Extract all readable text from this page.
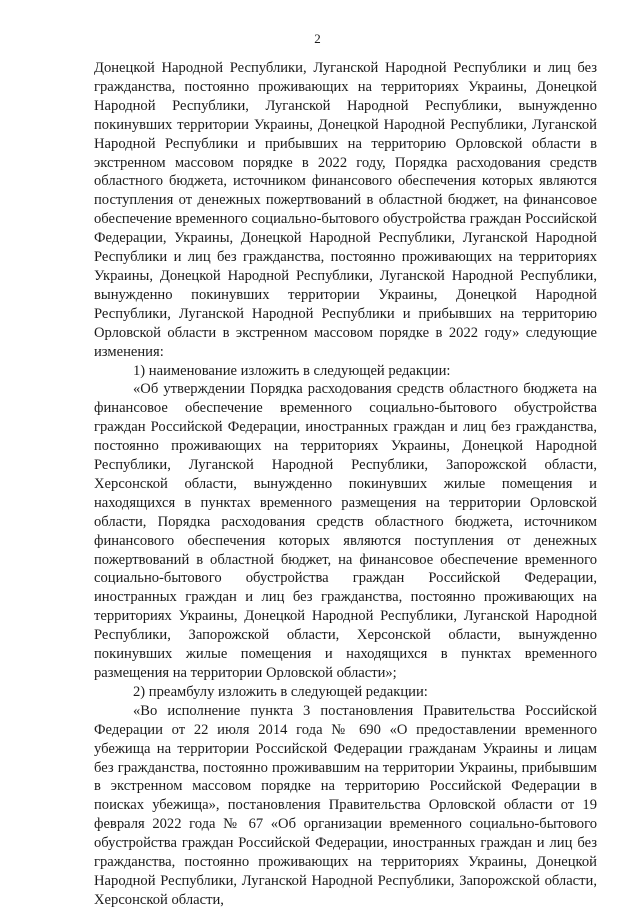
2

Донецкой Народной Республики, Луганской Народной Республики и лиц без гражданства, постоянно проживающих на территориях Украины, Донецкой Народной Республики, Луганской Народной Республики, вынужденно покинувших территории Украины, Донецкой Народной Республики, Луганской Народной Республики и прибывших на территорию Орловской области в экстренном массовом порядке в 2022 году, Порядка расходования средств областного бюджета, источником финансового обеспечения которых являются поступления от денежных пожертвований в областной бюджет, на финансовое обеспечение временного социально-бытового обустройства граждан Российской Федерации, Украины, Донецкой Народной Республики, Луганской Народной Республики и лиц без гражданства, постоянно проживающих на территориях Украины, Донецкой Народной Республики, Луганской Народной Республики, вынужденно покинувших территории Украины, Донецкой Народной Республики, Луганской Народной Республики и прибывших на территорию Орловской области в экстренном массовом порядке в 2022 году» следующие изменения:

1) наименование изложить в следующей редакции:

«Об утверждении Порядка расходования средств областного бюджета на финансовое обеспечение временного социально-бытового обустройства граждан Российской Федерации, иностранных граждан и лиц без гражданства, постоянно проживающих на территориях Украины, Донецкой Народной Республики, Луганской Народной Республики, Запорожской области, Херсонской области, вынужденно покинувших жилые помещения и находящихся в пунктах временного размещения на территории Орловской области, Порядка расходования средств областного бюджета, источником финансового обеспечения которых являются поступления от денежных пожертвований в областной бюджет, на финансовое обеспечение временного социально-бытового обустройства граждан Российской Федерации, иностранных граждан и лиц без гражданства, постоянно проживающих на территориях Украины, Донецкой Народной Республики, Луганской Народной Республики, Запорожской области, Херсонской области, вынужденно покинувших жилые помещения и находящихся в пунктах временного размещения на территории Орловской области»;

2) преамбулу изложить в следующей редакции:

«Во исполнение пункта 3 постановления Правительства Российской Федерации от 22 июля 2014 года № 690 «О предоставлении временного убежища на территории Российской Федерации гражданам Украины и лицам без гражданства, постоянно проживавшим на территории Украины, прибывшим в экстренном массовом порядке на территорию Российской Федерации в поисках убежища», постановления Правительства Орловской области от 19 февраля 2022 года № 67 «Об организации временного социально-бытового обустройства граждан Российской Федерации, иностранных граждан и лиц без гражданства, постоянно проживающих на территориях Украины, Донецкой Народной Республики, Луганской Народной Республики, Запорожской области, Херсонской области,
